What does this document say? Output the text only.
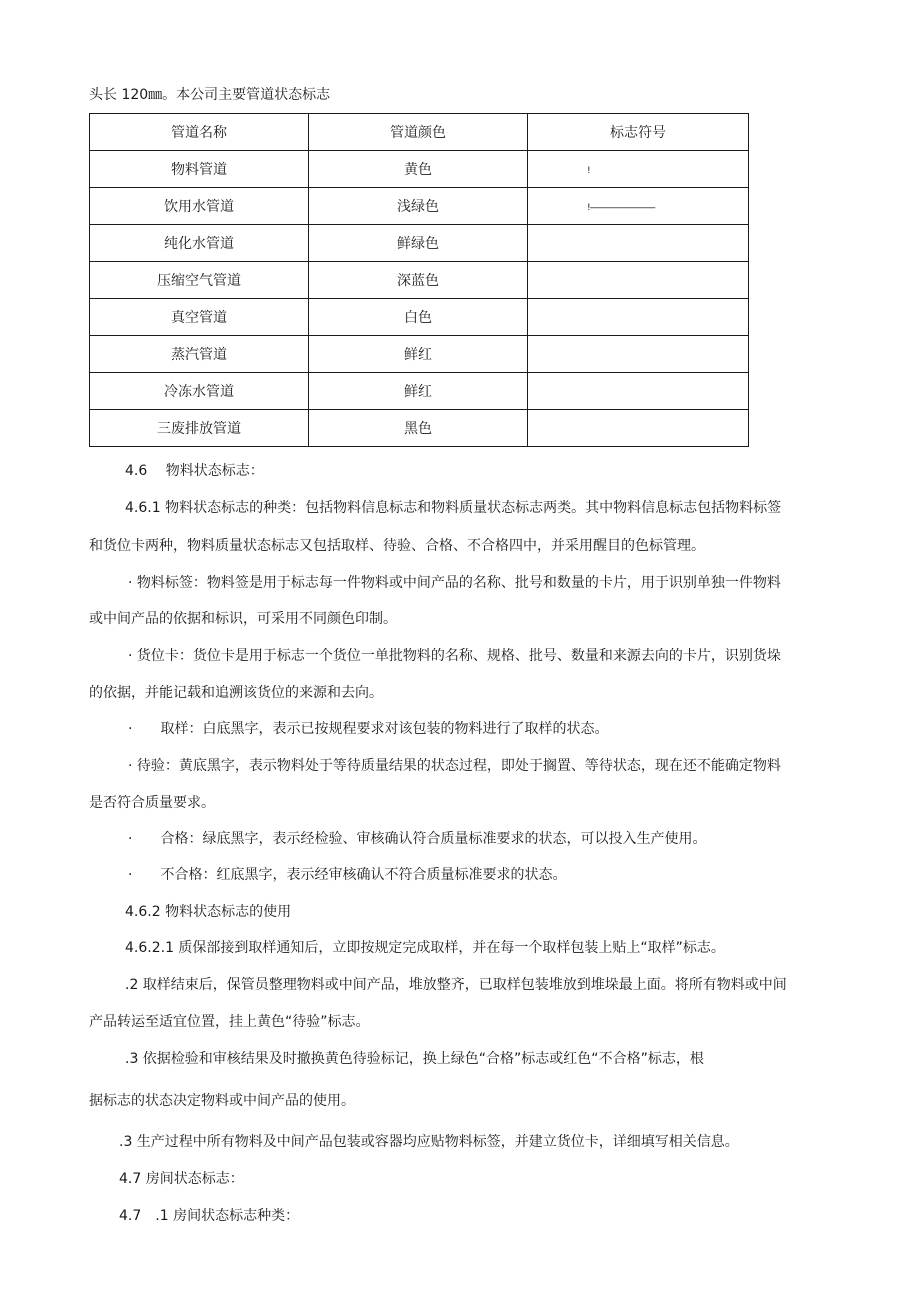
头长 120㎜。本公司主要管道状态标志
管道名称	管道颜色	标志符号
物料管道	黄色	!
饮用水管道	浅绿色	!-----------------------------
纯化水管道	鲜绿色	
压缩空气管道	深蓝色	
真空管道	白色	
蒸汽管道	鲜红	
冷冻水管道	鲜红	
三废排放管道	黑色	
4.6　 物料状态标志：
4.6.1 物料状态标志的种类：包括物料信息标志和物料质量状态标志两类。其中物料信息标志包括物料标签
和货位卡两种，物料质量状态标志又包括取样、待验、合格、不合格四中，并采用醒目的色标管理。
· 物料标签：物料签是用于标志每一件物料或中间产品的名称、批号和数量的卡片，用于识别单独一件物料
或中间产品的依据和标识，可采用不同颜色印制。
· 货位卡：货位卡是用于标志一个货位一单批物料的名称、规格、批号、数量和来源去向的卡片，识别货垛
的依据，并能记载和追溯该货位的来源和去向。
·　　取样：白底黑字，表示已按规程要求对该包装的物料进行了取样的状态。
· 待验：黄底黑字，表示物料处于等待质量结果的状态过程，即处于搁置、等待状态，现在还不能确定物料
是否符合质量要求。
·　　合格：绿底黑字，表示经检验、审核确认符合质量标准要求的状态，可以投入生产使用。
·　　不合格：红底黑字，表示经审核确认不符合质量标准要求的状态。
4.6.2 物料状态标志的使用
4.6.2.1 质保部接到取样通知后，立即按规定完成取样，并在每一个取样包装上贴上“取样”标志。
.2 取样结束后，保管员整理物料或中间产品，堆放整齐，已取样包装堆放到堆垛最上面。将所有物料或中间
产品转运至适宜位置，挂上黄色“待验”标志。
.3 依据检验和审核结果及时撤换黄色待验标记，换上绿色“合格”标志或红色“不合格”标志，根
据标志的状态决定物料或中间产品的使用。
.3 生产过程中所有物料及中间产品包装或容器均应贴物料标签，并建立货位卡，详细填写相关信息。
4.7 房间状态标志：
4.7　.1 房间状态标志种类：
